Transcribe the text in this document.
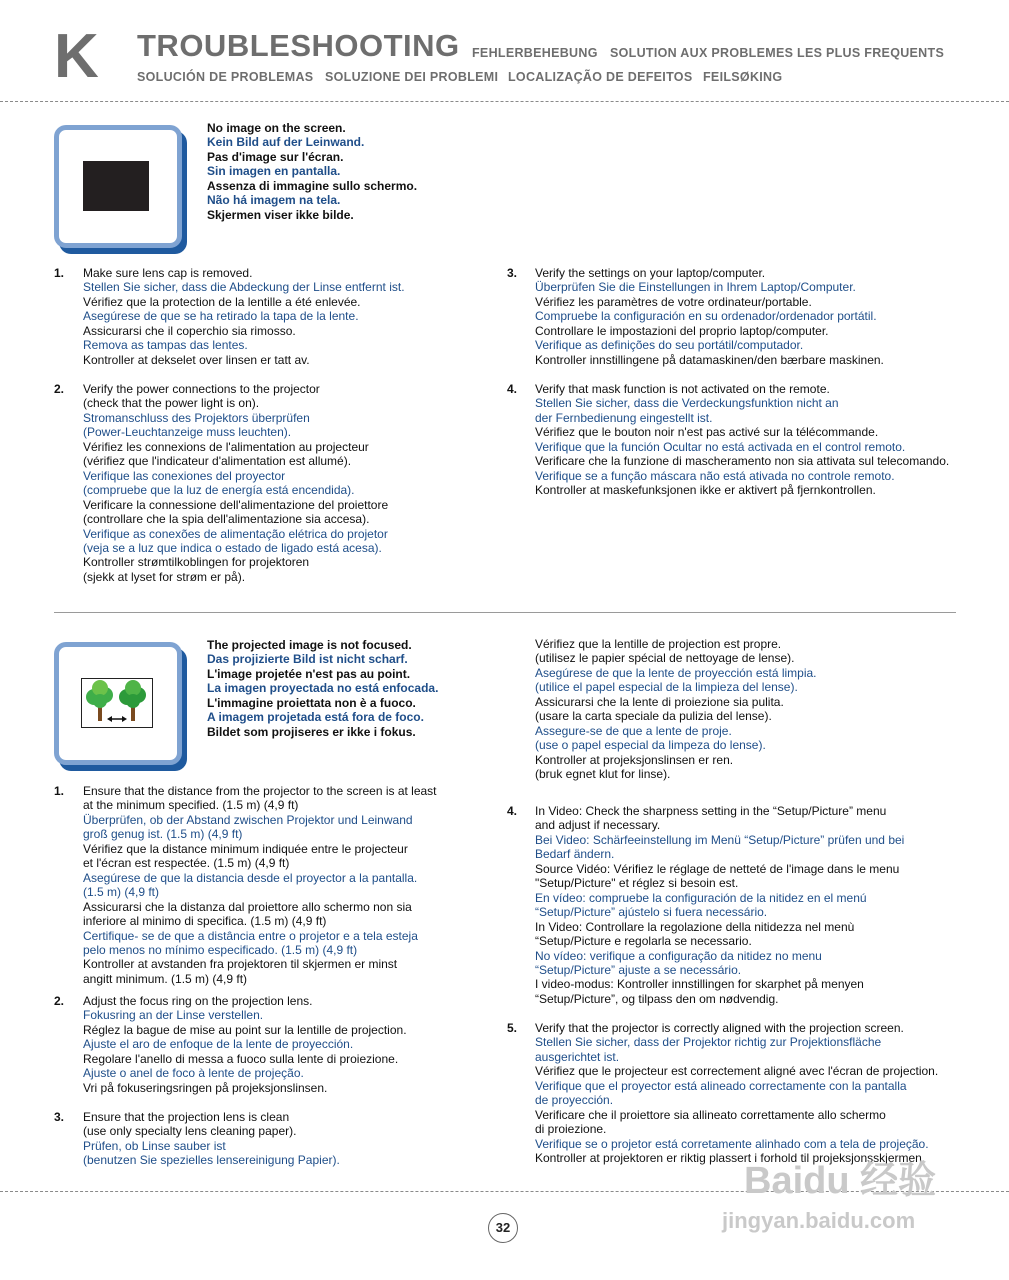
K TROUBLESHOOTING FEHLERBEHEBUNG SOLUTION AUX PROBLEMES LES PLUS FREQUENTS
SOLUCIÓN DE PROBLEMAS SOLUZIONE DEI PROBLEMI LOCALIZAÇÃO DE DEFEITOS FEILSØKING
No image on the screen.
Kein Bild auf der Leinwand.
Pas d'image sur l'écran.
Sin imagen en pantalla.
Assenza di immagine sullo schermo.
Não há imagem na tela.
Skjermen viser ikke bilde.
1. Make sure lens cap is removed.
Stellen Sie sicher, dass die Abdeckung der Linse entfernt ist.
Vérifiez que la protection de la lentille a été enlevée.
Asegúrese de que se ha retirado la tapa de la lente.
Assicurarsi che il coperchio sia rimosso.
Remova as tampas das lentes.
Kontroller at dekselet over linsen er tatt av.
2. Verify the power connections to the projector
(check that the power light is on).
Stromanschluss des Projektors überprüfen
(Power-Leuchtanzeige muss leuchten).
Vérifiez les connexions de l'alimentation au projecteur
(vérifiez que l'indicateur d'alimentation est allumé).
Verifique las conexiones del proyector
(compruebe que la luz de energía está encendida).
Verificare la connessione dell'alimentazione del proiettore
(controllare che la spia dell'alimentazione sia accesa).
Verifique as conexões de alimentação elétrica do projetor
(veja se a luz que indica o estado de ligado está acesa).
Kontroller strømtilkoblingen for projektoren
(sjekk at lyset for strøm er på).
3. Verify the settings on your laptop/computer.
Überprüfen Sie die Einstellungen in Ihrem Laptop/Computer.
Vérifiez les paramètres de votre ordinateur/portable.
Compruebe la configuración en su ordenador/ordenador portátil.
Controllare le impostazioni del proprio laptop/computer.
Verifique as definições do seu portátil/computador.
Kontroller innstillingene på datamaskinen/den bærbare maskinen.
4. Verify that mask function is not activated on the remote.
Stellen Sie sicher, dass die Verdeckungsfunktion nicht an
der Fernbedienung eingestellt ist.
Vérifiez que le bouton noir n'est pas activé sur la télécommande.
Verifique que la función Ocultar no está activada en el control remoto.
Verificare che la funzione di mascheramento non sia attivata sul telecomando.
Verifique se a função máscara não está ativada no controle remoto.
Kontroller at maskefunksjonen ikke er aktivert på fjernkontrollen.
The projected image is not focused.
Das projizierte Bild ist nicht scharf.
L'image projetée n'est pas au point.
La imagen proyectada no está enfocada.
L'immagine proiettata non è a fuoco.
A imagem projetada está fora de foco.
Bildet som projiseres er ikke i fokus.
1. Ensure that the distance from the projector to the screen is at least
at the minimum specified. (1.5 m) (4,9 ft)
Überprüfen, ob der Abstand zwischen Projektor und Leinwand
groß genug ist. (1.5 m) (4,9 ft)
Vérifiez que la distance minimum indiquée entre le projecteur
et l'écran est respectée. (1.5 m) (4,9 ft)
Asegúrese de que la distancia desde el proyector a la pantalla.
(1.5 m) (4,9 ft)
Assicurarsi che la distanza dal proiettore allo schermo non sia
inferiore al minimo di specifica. (1.5 m) (4,9 ft)
Certifique- se de que a distância entre o projetor e a tela esteja
pelo menos no mínimo especificado. (1.5 m) (4,9 ft)
Kontroller at avstanden fra projektoren til skjermen er minst
angitt minimum. (1.5 m) (4,9 ft)
2. Adjust the focus ring on the projection lens.
Fokusring an der Linse verstellen.
Réglez la bague de mise au point sur la lentille de projection.
Ajuste el aro de enfoque de la lente de proyección.
Regolare l'anello di messa a fuoco sulla lente di proiezione.
Ajuste o anel de foco à lente de projeção.
Vri på fokuseringsringen på projeksjonslinsen.
3. Ensure that the projection lens is clean
(use only specialty lens cleaning paper).
Prüfen, ob Linse sauber ist
(benutzen Sie spezielles lensereinigung Papier).
Vérifiez que la lentille de projection est propre.
(utilisez le papier spécial de nettoyage de lense).
Asegúrese de que la lente de proyección está limpia.
(utilice el papel especial de la limpieza del lense).
Assicurarsi che la lente di proiezione sia pulita.
(usare la carta speciale da pulizia del lense).
Assegure-se de que a lente de proje.
(use o papel especial da limpeza do lense).
Kontroller at projeksjonslinsen er ren.
(bruk egnet klut for linse).
4. In Video: Check the sharpness setting in the “Setup/Picture” menu
and adjust if necessary.
Bei Video: Schärfeeinstellung im Menü “Setup/Picture” prüfen und bei
Bedarf ändern.
Source Vidéo: Vérifiez le réglage de netteté de l'image dans le menu
"Setup/Picture" et réglez si besoin est.
En vídeo: compruebe la configuración de la nitidez en el menú
“Setup/Picture” ajústelo si fuera necessário.
In Video: Controllare la regolazione della nitidezza nel menù
“Setup/Picture e regolarla se necessario.
No vídeo: verifique a configuração da nitidez no menu
“Setup/Picture” ajuste a se necessário.
I video-modus: Kontroller innstillingen for skarphet på menyen
“Setup/Picture”, og tilpass den om nødvendig.
5. Verify that the projector is correctly aligned with the projection screen.
Stellen Sie sicher, dass der Projektor richtig zur Projektionsfläche
ausgerichtet ist.
Vérifiez que le projecteur est correctement aligné avec l'écran de projection.
Verifique que el proyector está alineado correctamente con la pantalla
de proyección.
Verificare che il proiettore sia allineato correttamente allo schermo
di proiezione.
Verifique se o projetor está corretamente alinhado com a tela de projeção.
Kontroller at projektoren er riktig plassert i forhold til projeksjonsskjermen.
32
Baidu 经验
jingyan.baidu.com
